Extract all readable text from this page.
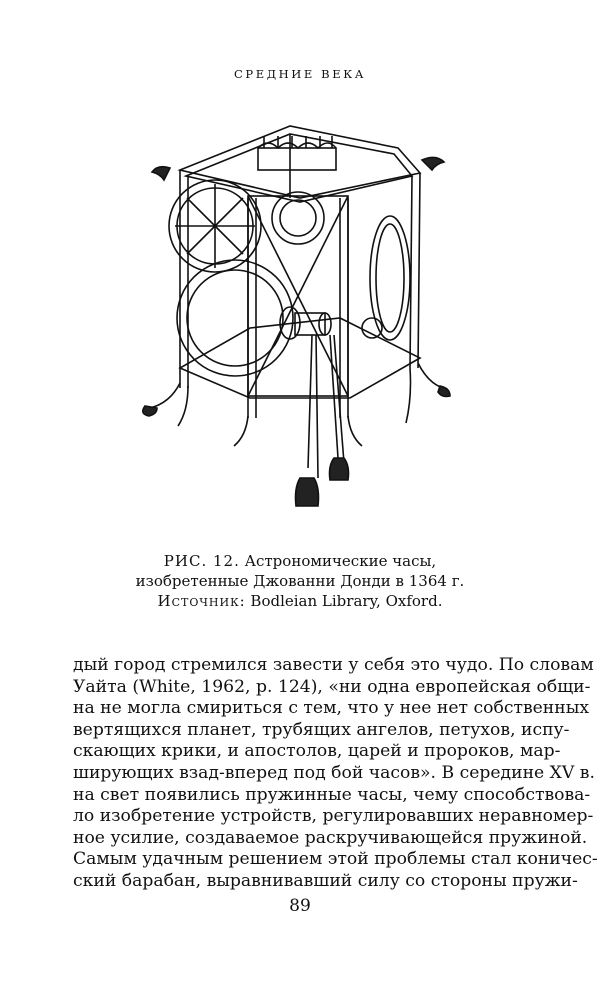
СРЕДНИЕ ВЕКА
РИС. 12. Астрономические часы,
изобретенные Джованни Донди в 1364 г.
Источник: Bodleian Library, Oxford.
дый город стремился завести у себя это чудо. По словам
Уайта (White, 1962, p. 124), «ни одна европейская общи-
на не могла смириться с тем, что у нее нет собственных
вертящихся планет, трубящих ангелов, петухов, испу-
скающих крики, и апостолов, царей и пророков, мар-
ширующих взад-вперед под бой часов». В середине XV в.
на свет появились пружинные часы, чему способствова-
ло изобретение устройств, регулировавших неравномер-
ное усилие, создаваемое раскручивающейся пружиной.
Самым удачным решением этой проблемы стал коничес-
ский барабан, выравнивавший силу со стороны пружи-
89
